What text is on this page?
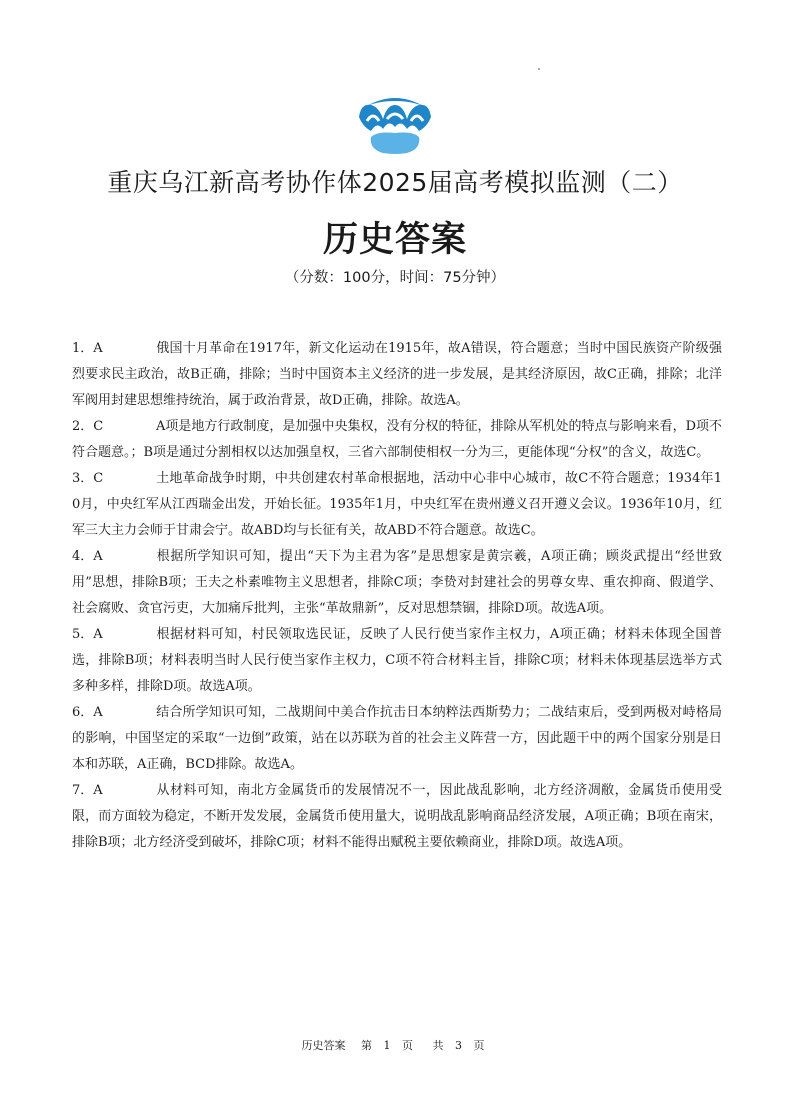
重庆乌江新高考协作体2025届高考模拟监测（二）
历史答案
（分数：100分，时间：75分钟）

1．A	俄国十月革命在1917年，新文化运动在1915年，故A错误，符合题意；当时中国民族资产阶级强烈要求民主政治，故B正确，排除；当时中国资本主义经济的进一步发展，是其经济原因，故C正确，排除；北洋军阀用封建思想维持统治，属于政治背景，故D正确，排除。故选A。

2．C	A项是地方行政制度，是加强中央集权，没有分权的特征，排除从军机处的特点与影响来看，D项不符合题意。；B项是通过分割相权以达加强皇权，三省六部制使相权一分为三，更能体现“分权”的含义，故选C。

3．C	土地革命战争时期，中共创建农村革命根据地，活动中心非中心城市，故C不符合题意；1934年10月，中央红军从江西瑞金出发，开始长征。1935年1月，中央红军在贵州遵义召开遵义会议。1936年10月，红军三大主力会师于甘肃会宁。故ABD均与长征有关，故ABD不符合题意。故选C。

4．A	根据所学知识可知，提出“天下为主君为客”是思想家是黄宗羲，A项正确；顾炎武提出“经世致用”思想，排除B项；王夫之朴素唯物主义思想者，排除C项；李贽对封建社会的男尊女卑、重农抑商、假道学、社会腐败、贪官污吏，大加痛斥批判，主张“革故鼎新”，反对思想禁锢，排除D项。故选A项。

5．A	根据材料可知，村民领取选民证，反映了人民行使当家作主权力，A项正确；材料未体现全国普选，排除B项；材料表明当时人民行使当家作主权力，C项不符合材料主旨，排除C项；材料未体现基层选举方式多种多样，排除D项。故选A项。

6．A	结合所学知识可知，二战期间中美合作抗击日本纳粹法西斯势力；二战结束后，受到两极对峙格局的影响，中国坚定的采取“一边倒”政策，站在以苏联为首的社会主义阵营一方，因此题干中的两个国家分别是日本和苏联，A正确，BCD排除。故选A。

7．A	从材料可知，南北方金属货币的发展情况不一，因此战乱影响，北方经济凋敝，金属货币使用受限，而方面较为稳定，不断开发发展，金属货币使用量大，说明战乱影响商品经济发展，A项正确；B项在南宋，排除B项；北方经济受到破坏，排除C项；材料不能得出赋税主要依赖商业，排除D项。故选A项。

历史答案 第 1 页 共 3 页
